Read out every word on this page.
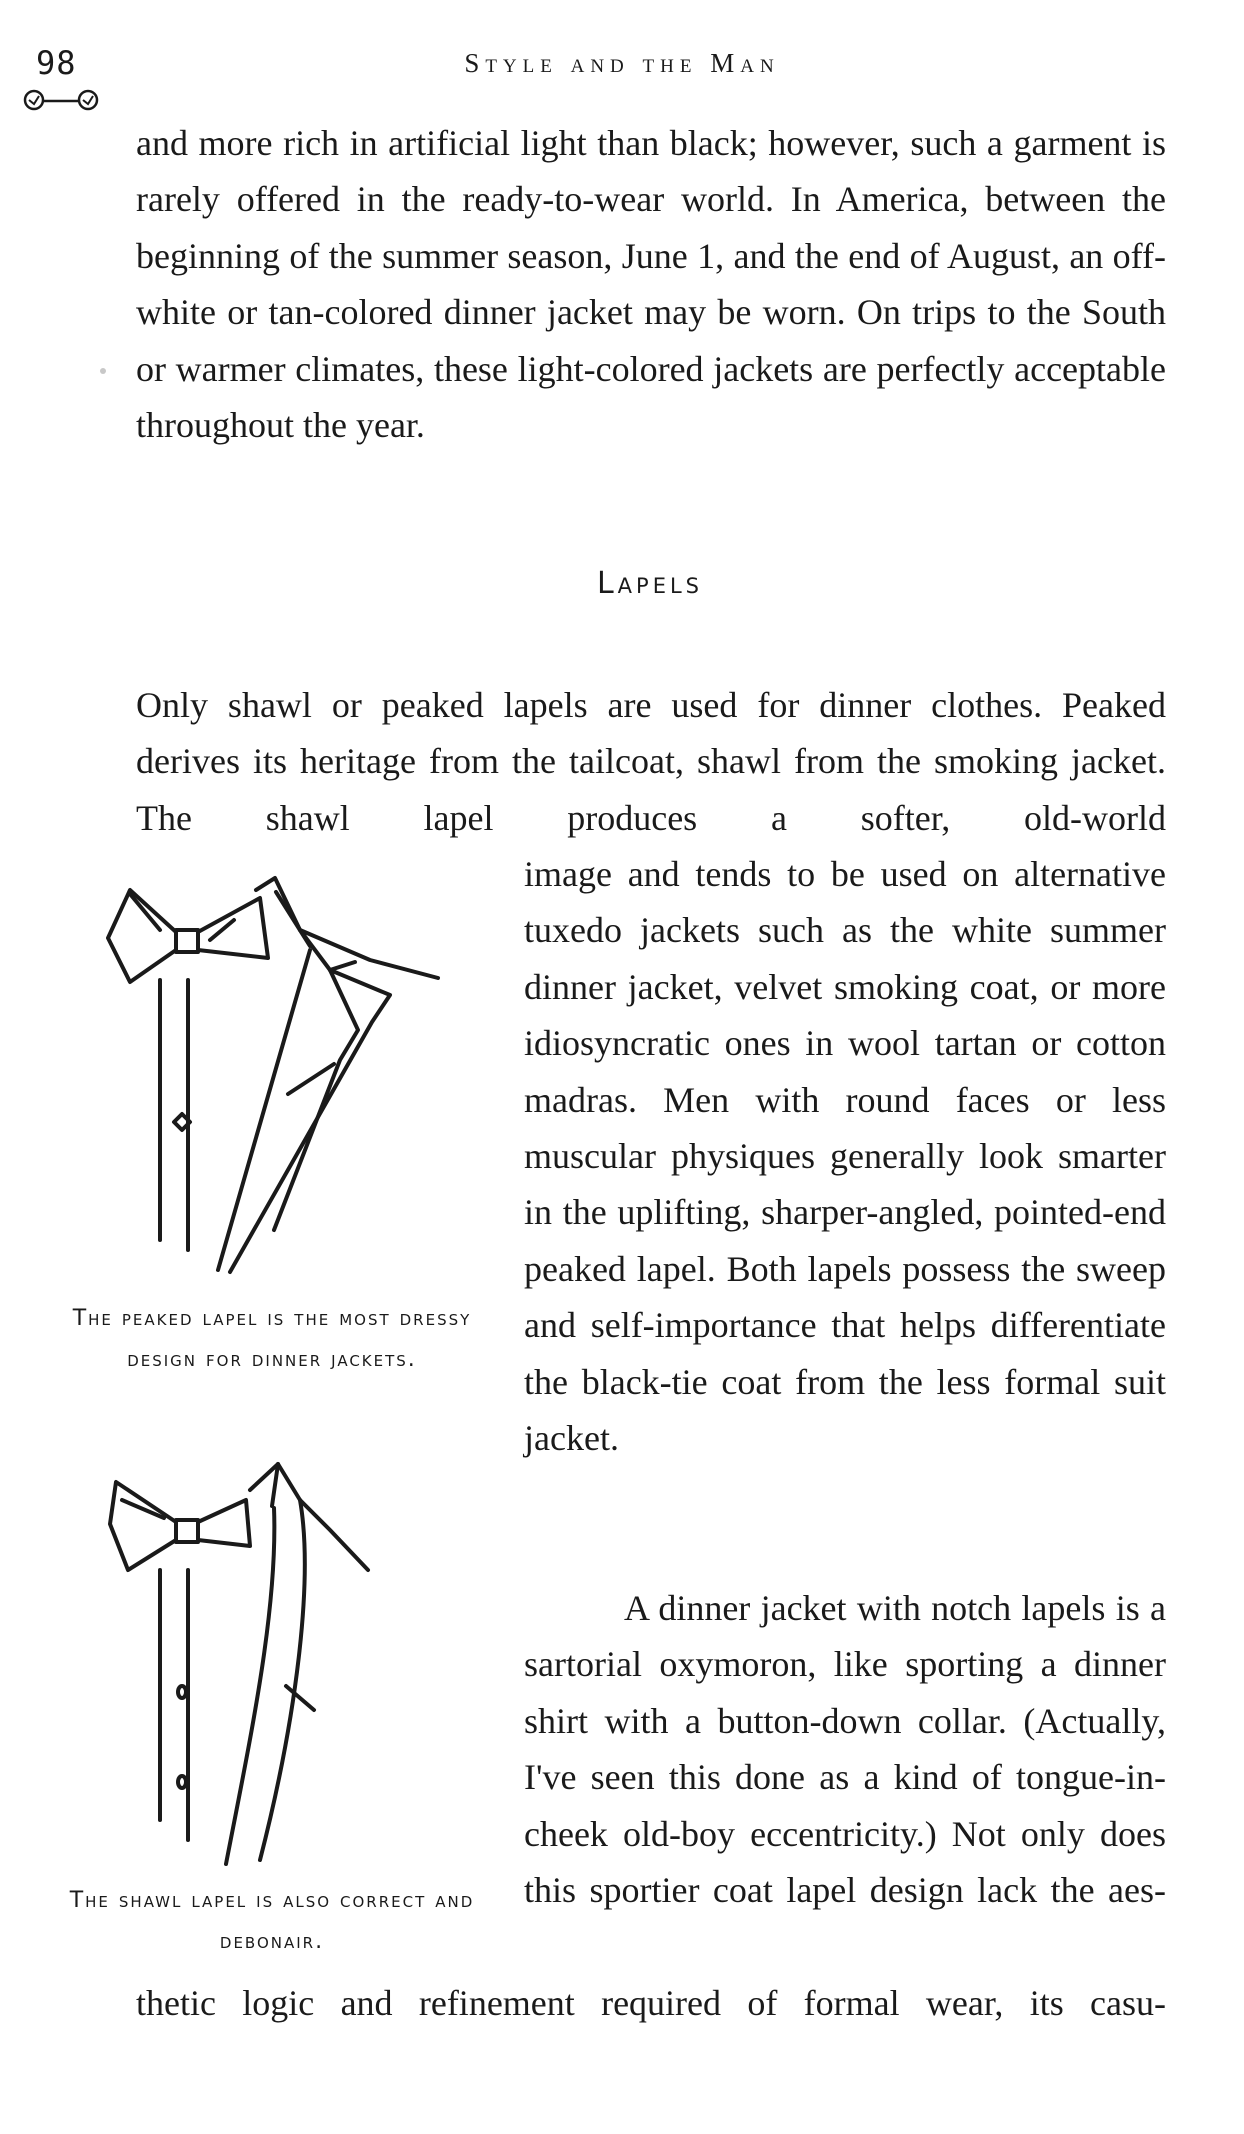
98	Style and the Man

and more rich in artificial light than black; however, such a garment is rarely offered in the ready-to-wear world. In America, between the beginning of the summer season, June 1, and the end of August, an off-white or tan-colored dinner jacket may be worn. On trips to the South or warmer climates, these light-colored jackets are perfectly acceptable throughout the year.

Lapels

Only shawl or peaked lapels are used for dinner clothes. Peaked derives its heritage from the tailcoat, shawl from the smoking jacket. The shawl lapel produces a softer, old-world

image and tends to be used on alternative tuxedo jackets such as the white summer dinner jacket, velvet smoking coat, or more idiosyncratic ones in wool tartan or cotton madras. Men with round faces or less muscular physiques generally look smarter in the uplifting, sharper-angled, pointed-end peaked lapel. Both lapels possess the sweep and self-importance that helps differentiate the black-tie coat from the less formal suit jacket.

A dinner jacket with notch lapels is a sartorial oxymoron, like sporting a dinner shirt with a button-down collar. (Actually, I've seen this done as a kind of tongue-in-cheek old-boy eccentricity.) Not only does this sportier coat lapel design lack the aes-

thetic logic and refinement required of formal wear, its casu-

The peaked lapel is the most dressy design for dinner jackets.

The shawl lapel is also correct and debonair.
